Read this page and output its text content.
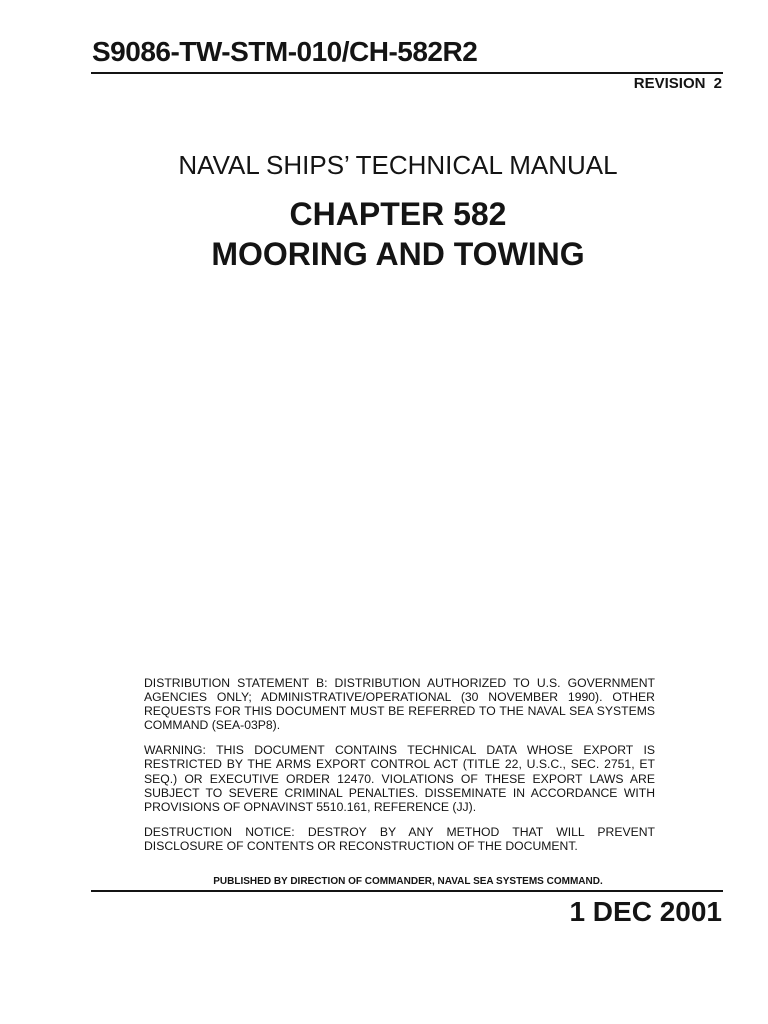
S9086-TW-STM-010/CH-582R2
REVISION 2
NAVAL SHIPS’ TECHNICAL MANUAL
CHAPTER 582
MOORING AND TOWING

DISTRIBUTION STATEMENT B: DISTRIBUTION AUTHORIZED TO U.S. GOVERNMENT AGENCIES ONLY; ADMINISTRATIVE/OPERATIONAL (30 NOVEMBER 1990). OTHER REQUESTS FOR THIS DOCUMENT MUST BE REFERRED TO THE NAVAL SEA SYSTEMS COMMAND (SEA-03P8).

WARNING: THIS DOCUMENT CONTAINS TECHNICAL DATA WHOSE EXPORT IS RESTRICTED BY THE ARMS EXPORT CONTROL ACT (TITLE 22, U.S.C., SEC. 2751, ET SEQ.) OR EXECUTIVE ORDER 12470. VIOLATIONS OF THESE EXPORT LAWS ARE SUBJECT TO SEVERE CRIMINAL PENALTIES. DISSEMINATE IN ACCORDANCE WITH PROVISIONS OF OPNAVINST 5510.161, REFERENCE (JJ).

DESTRUCTION NOTICE: DESTROY BY ANY METHOD THAT WILL PREVENT DISCLOSURE OF CONTENTS OR RECONSTRUCTION OF THE DOCUMENT.

PUBLISHED BY DIRECTION OF COMMANDER, NAVAL SEA SYSTEMS COMMAND.
1 DEC 2001
